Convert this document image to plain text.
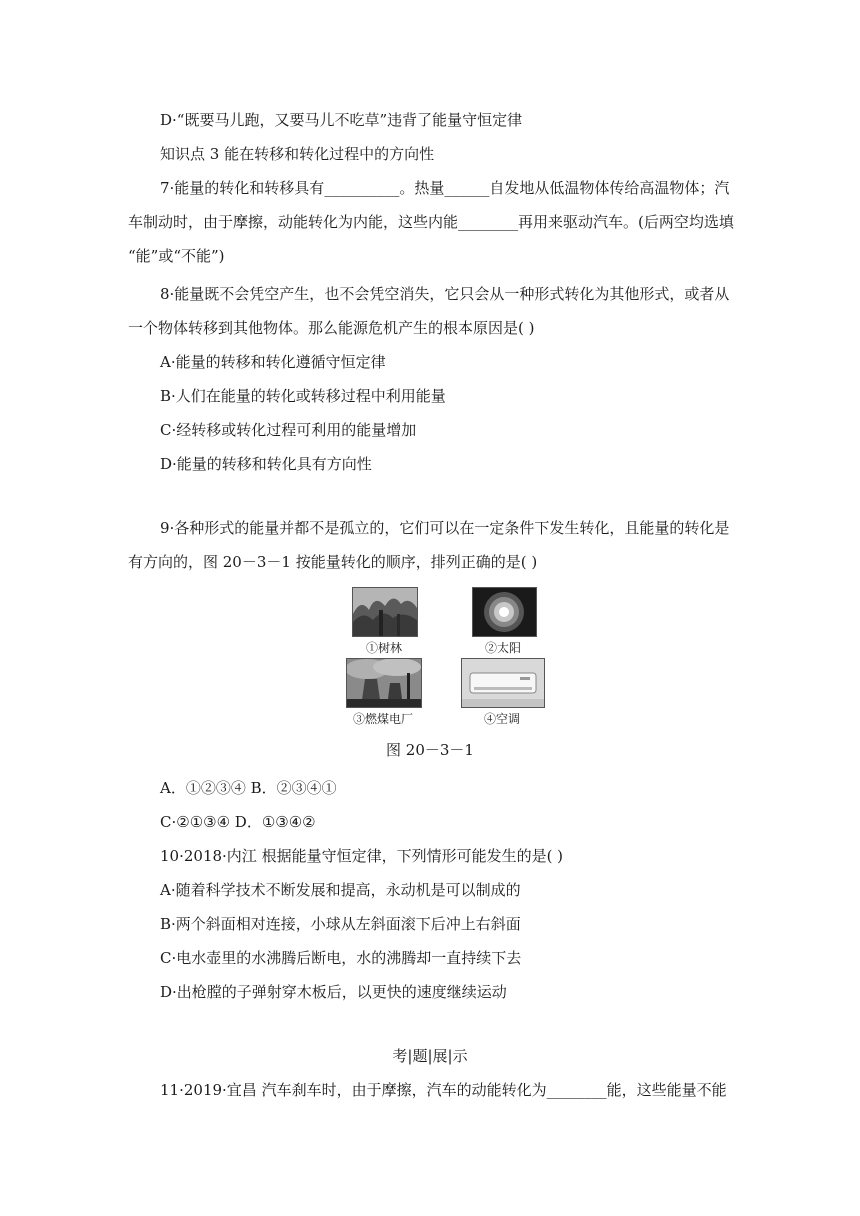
D·“既要马儿跑，又要马儿不吃草”违背了能量守恒定律
知识点 3 能在转移和转化过程中的方向性
7·能量的转化和转移具有__________。热量______自发地从低温物体传给高温物体；汽
车制动时，由于摩擦，动能转化为内能，这些内能________再用来驱动汽车。(后两空均选填
“能”或“不能”)
8·能量既不会凭空产生，也不会凭空消失，它只会从一种形式转化为其他形式，或者从
一个物体转移到其他物体。那么能源危机产生的根本原因是( )
A·能量的转移和转化遵循守恒定律
B·人们在能量的转化或转移过程中利用能量
C·经转移或转化过程可利用的能量增加
D·能量的转移和转化具有方向性
9·各种形式的能量并都不是孤立的，它们可以在一定条件下发生转化，且能量的转化是
有方向的，图 20－3－1 按能量转化的顺序，排列正确的是( )
①树林	②太阳
③燃煤电厂	④空调
图 20－3－1
A．①②③④ B．②③④①
C·②①③④ D．①③④②
10·2018·内江 根据能量守恒定律，下列情形可能发生的是( )
A·随着科学技术不断发展和提高，永动机是可以制成的
B·两个斜面相对连接，小球从左斜面滚下后冲上右斜面
C·电水壶里的水沸腾后断电，水的沸腾却一直持续下去
D·出枪膛的子弹射穿木板后，以更快的速度继续运动
考|题|展|示
11·2019·宜昌 汽车刹车时，由于摩擦，汽车的动能转化为________能，这些能量不能
